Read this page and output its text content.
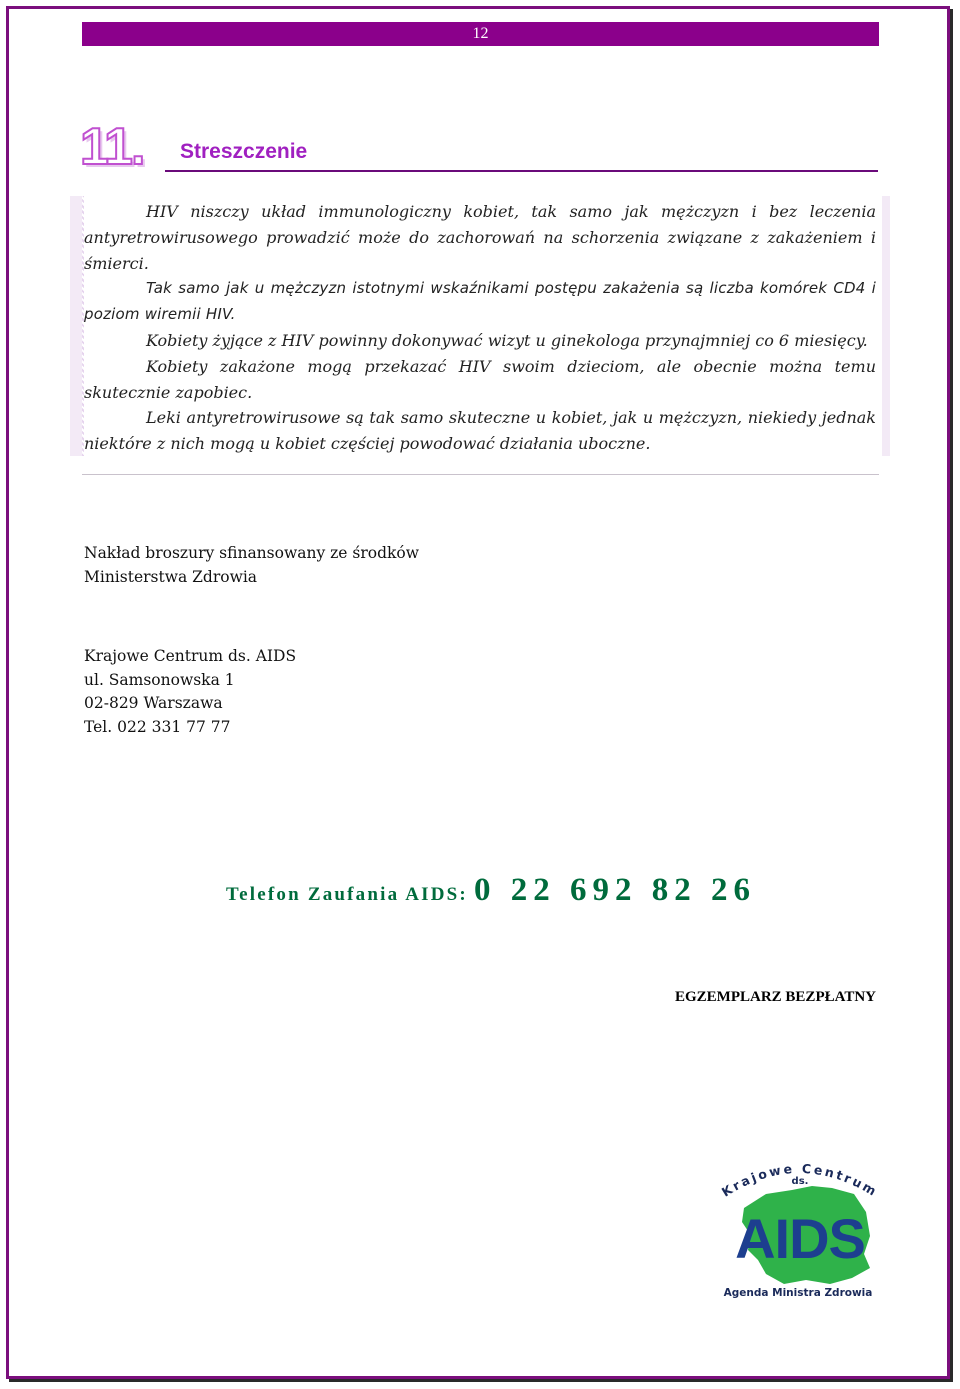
12
11. Streszczenie

HIV niszczy układ immunologiczny kobiet, tak samo jak mężczyzn i bez leczenia antyretrowirusowego prowadzić może do zachorowań na schorzenia związane z zakażeniem i śmierci.

Tak samo jak u mężczyzn istotnymi wskaźnikami postępu zakażenia są liczba komórek CD4 i poziom wiremii HIV.

Kobiety żyjące z HIV powinny dokonywać wizyt u ginekologa przynajmniej co 6 miesięcy.

Kobiety zakażone mogą przekazać HIV swoim dzieciom, ale obecnie można temu skutecznie zapobiec.

Leki antyretrowirusowe są tak samo skuteczne u kobiet, jak u mężczyzn, niekiedy jednak niektóre z nich mogą u kobiet częściej powodować działania uboczne.

Nakład broszury sfinansowany ze środków
Ministerstwa Zdrowia
Krajowe Centrum ds. AIDS
ul. Samsonowska 1
02-829 Warszawa
Tel. 022 331 77 77
Telefon Zaufania AIDS: 0 22 692 82 26
EGZEMPLARZ BEZPŁATNY
Krajowe Centrum
ds.
AIDS
Agenda Ministra Zdrowia
